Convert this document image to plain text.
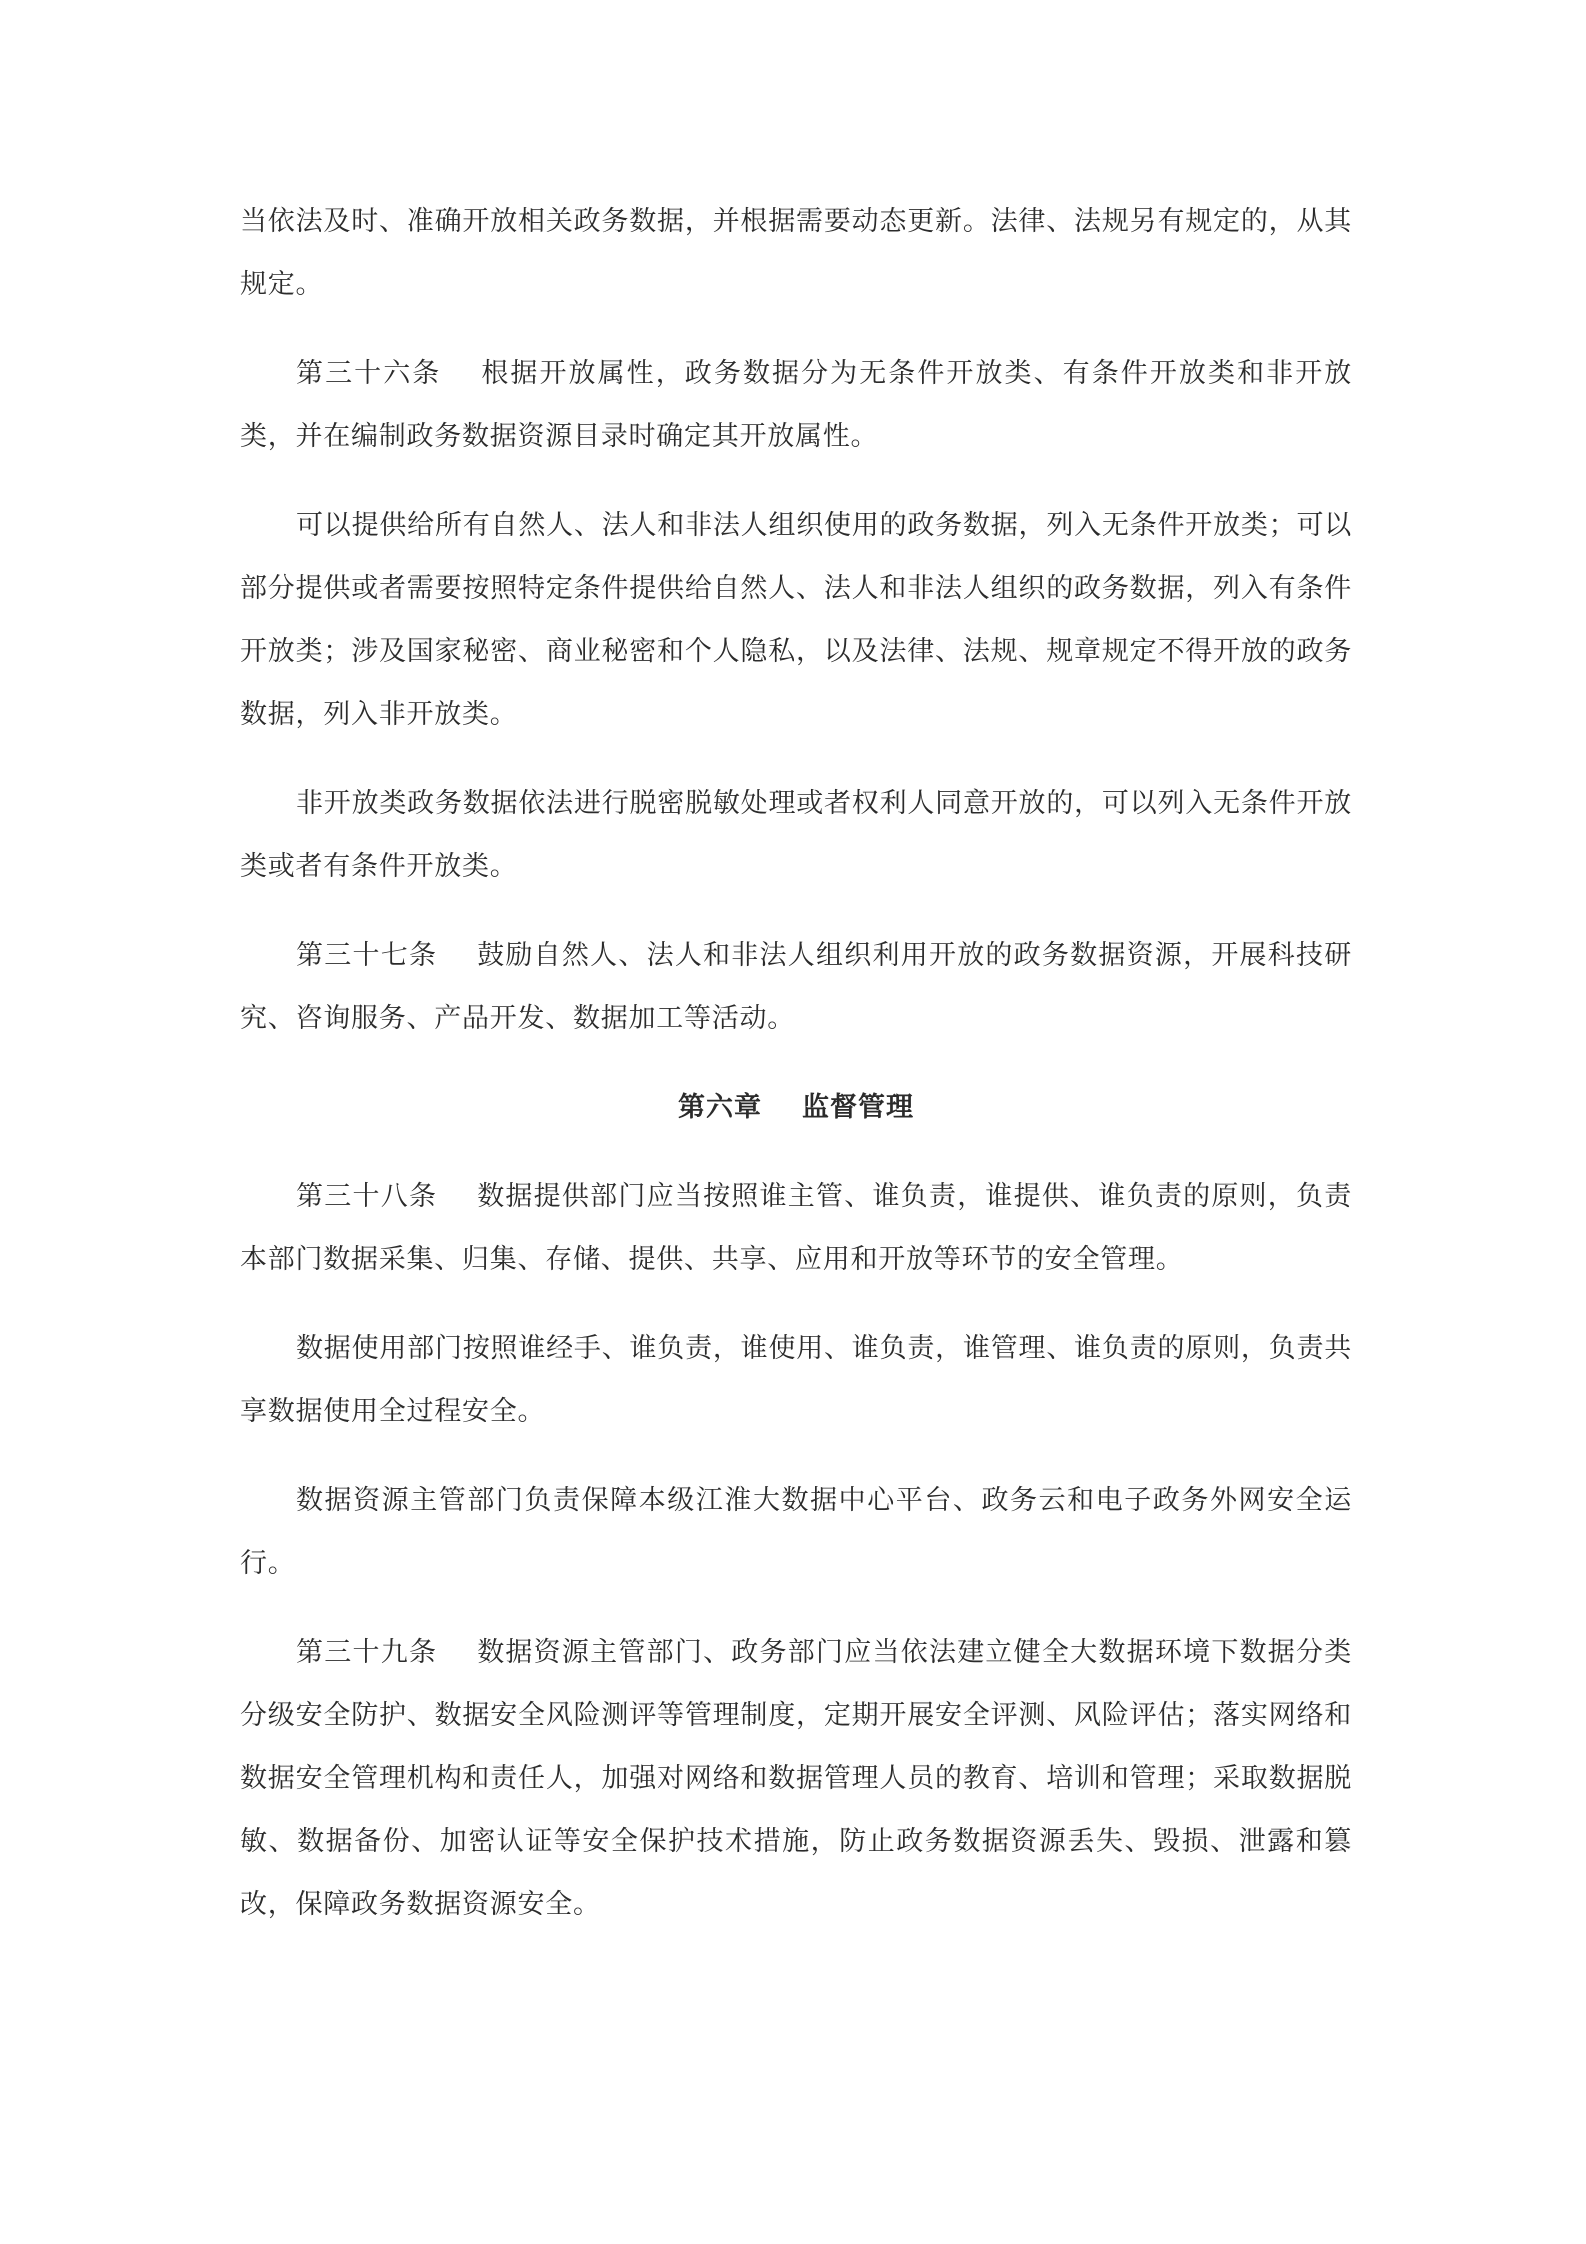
当依法及时、准确开放相关政务数据，并根据需要动态更新。法律、法规另有规定的，从其规定。

第三十六条 根据开放属性，政务数据分为无条件开放类、有条件开放类和非开放类，并在编制政务数据资源目录时确定其开放属性。

可以提供给所有自然人、法人和非法人组织使用的政务数据，列入无条件开放类；可以部分提供或者需要按照特定条件提供给自然人、法人和非法人组织的政务数据，列入有条件开放类；涉及国家秘密、商业秘密和个人隐私，以及法律、法规、规章规定不得开放的政务数据，列入非开放类。

非开放类政务数据依法进行脱密脱敏处理或者权利人同意开放的，可以列入无条件开放类或者有条件开放类。

第三十七条 鼓励自然人、法人和非法人组织利用开放的政务数据资源，开展科技研究、咨询服务、产品开发、数据加工等活动。

第六章 监督管理

第三十八条 数据提供部门应当按照谁主管、谁负责，谁提供、谁负责的原则，负责本部门数据采集、归集、存储、提供、共享、应用和开放等环节的安全管理。

数据使用部门按照谁经手、谁负责，谁使用、谁负责，谁管理、谁负责的原则，负责共享数据使用全过程安全。

数据资源主管部门负责保障本级江淮大数据中心平台、政务云和电子政务外网安全运行。

第三十九条 数据资源主管部门、政务部门应当依法建立健全大数据环境下数据分类分级安全防护、数据安全风险测评等管理制度，定期开展安全评测、风险评估；落实网络和数据安全管理机构和责任人，加强对网络和数据管理人员的教育、培训和管理；采取数据脱敏、数据备份、加密认证等安全保护技术措施，防止政务数据资源丢失、毁损、泄露和篡改，保障政务数据资源安全。
